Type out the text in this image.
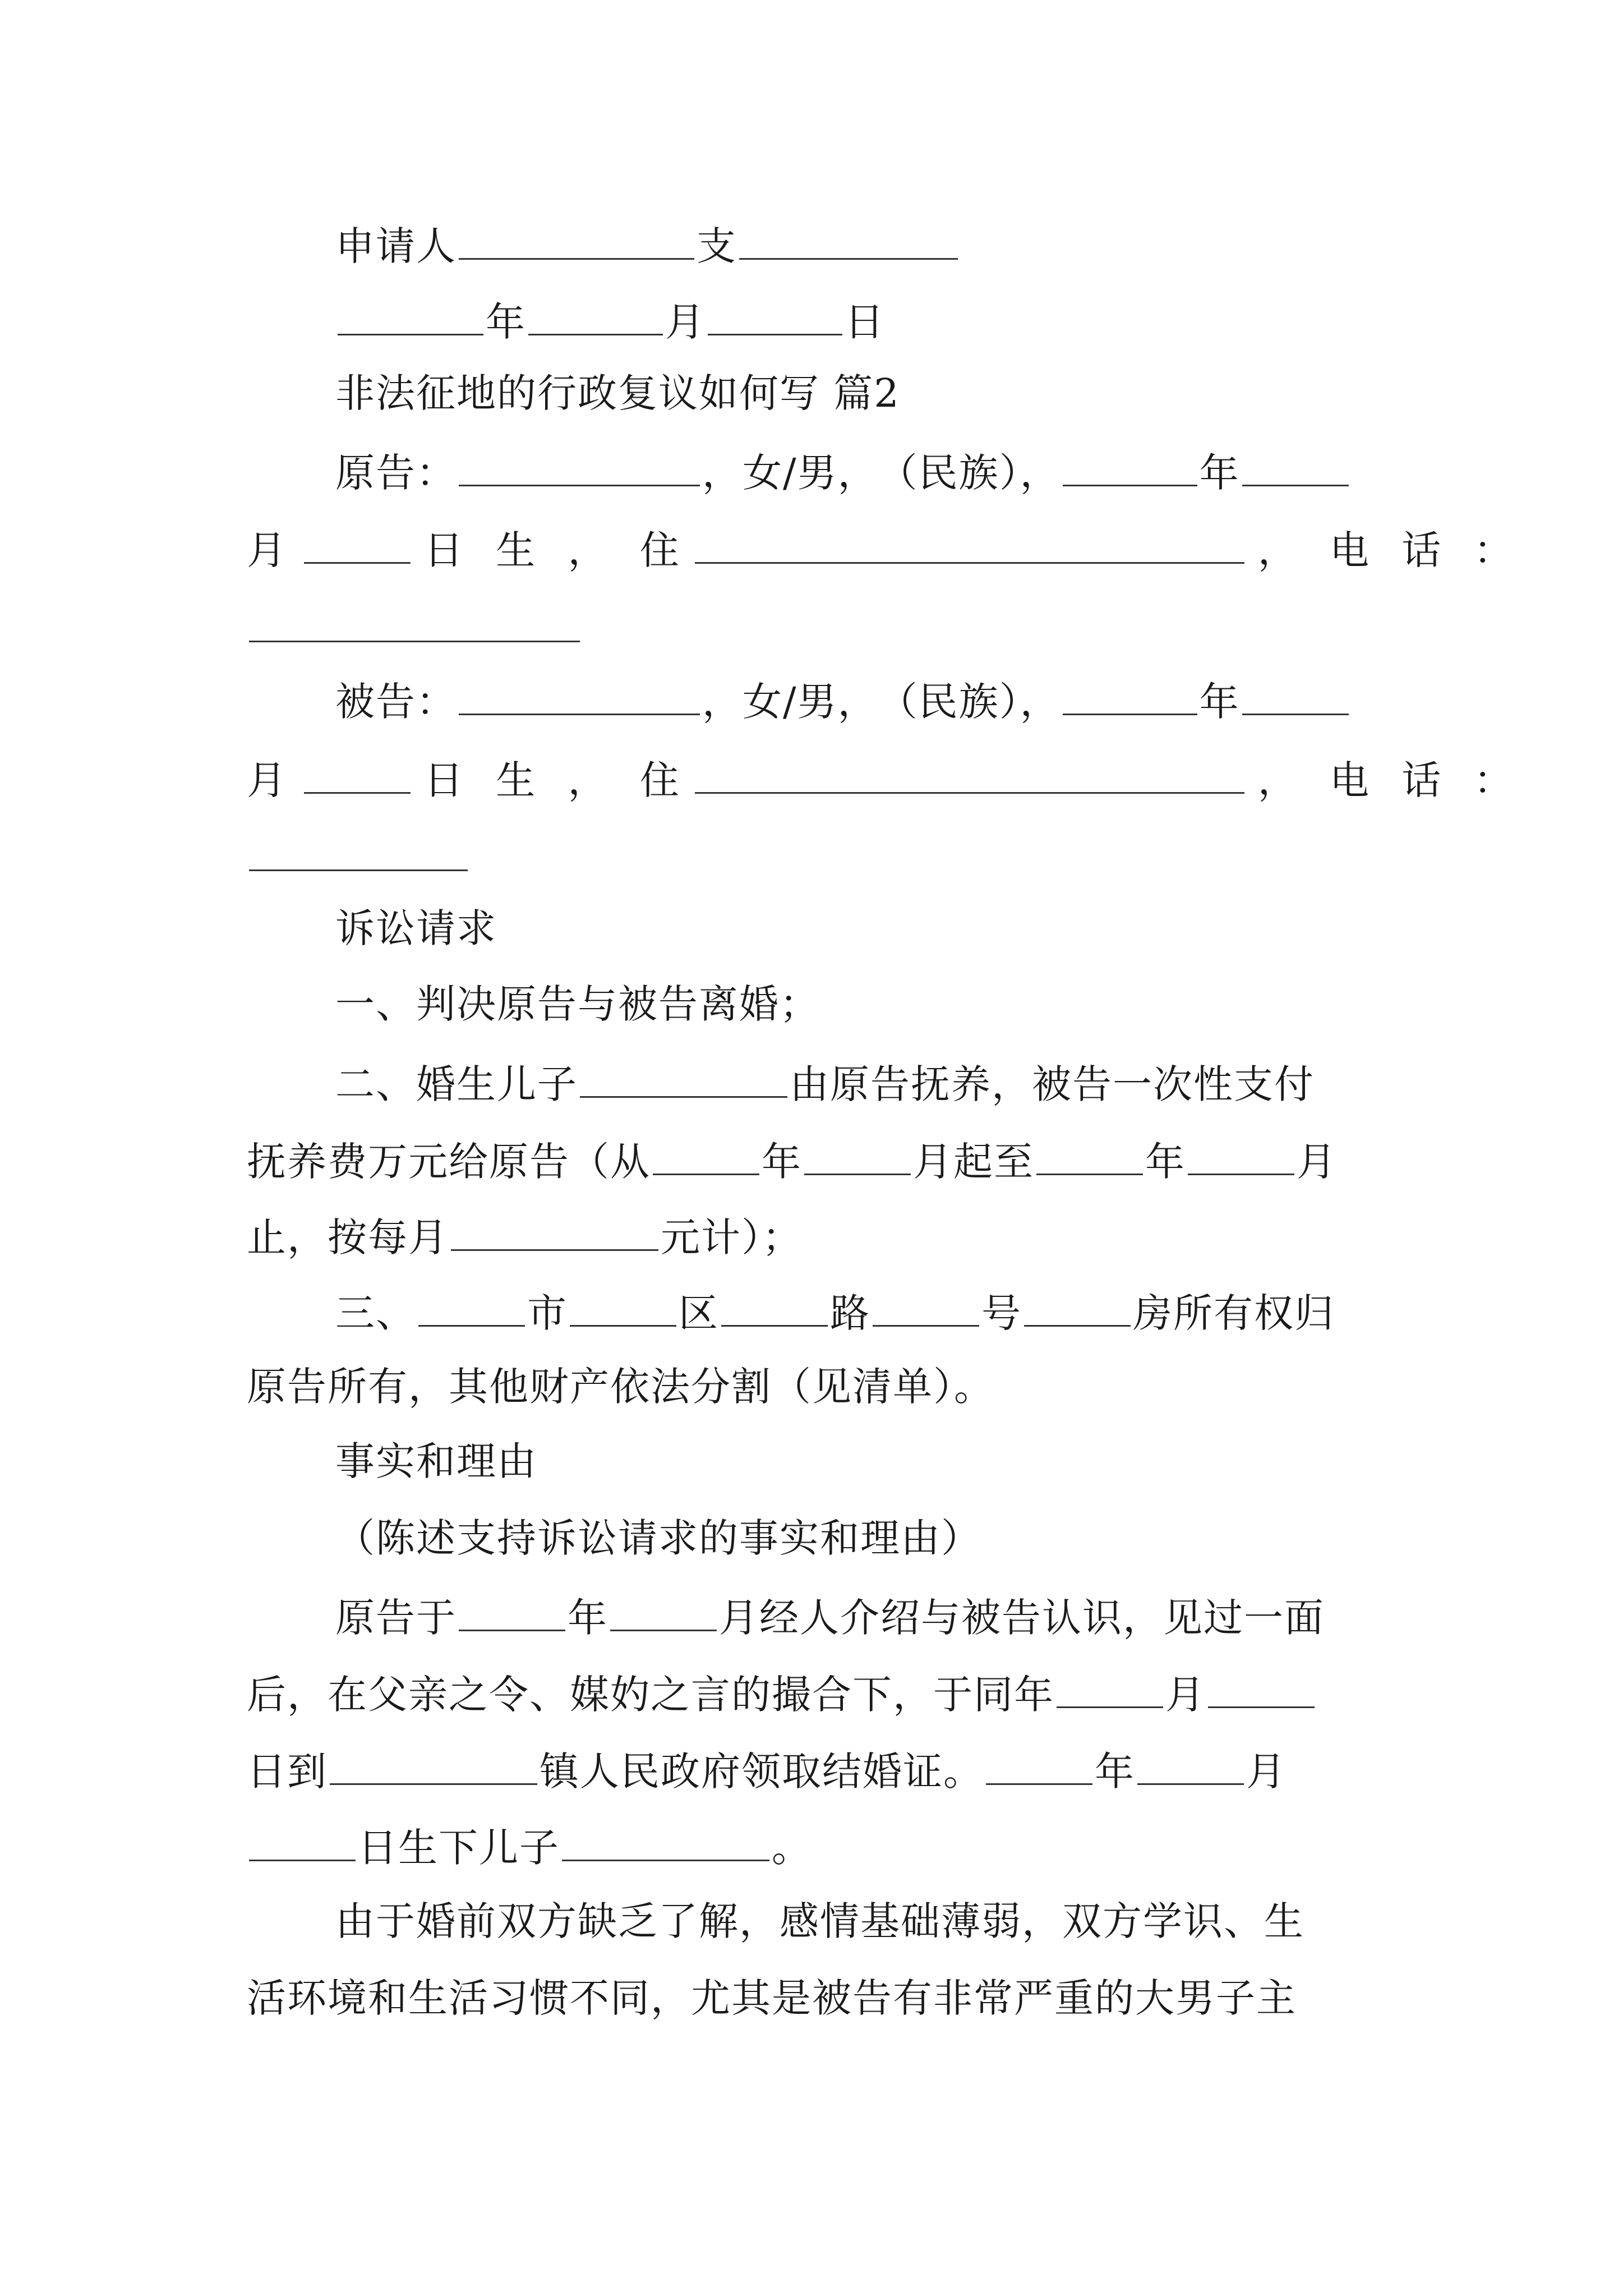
申请人	支
年	月	日
非法征地的行政复议如何写 篇2
原告：	，女/男，（民族），	年
月	日 生 ， 住	， 电 话 ：
被告：	，女/男，（民族），	年
月	日 生 ， 住	， 电 话 ：
诉讼请求
一、判决原告与被告离婚；
二、婚生儿子	由原告抚养，被告一次性支付
抚养费万元给原告（从	年	月起至	年	月
止，按每月	元计）；
三、	市	区	路	号	房所有权归
原告所有，其他财产依法分割（见清单）。
事实和理由
（陈述支持诉讼请求的事实和理由）
原告于	年	月经人介绍与被告认识，见过一面
后，在父亲之令、媒妁之言的撮合下，于同年	月
日到	镇人民政府领取结婚证。	年	月
日生下儿子	。
由于婚前双方缺乏了解，感情基础薄弱，双方学识、生
活环境和生活习惯不同，尤其是被告有非常严重的大男子主
